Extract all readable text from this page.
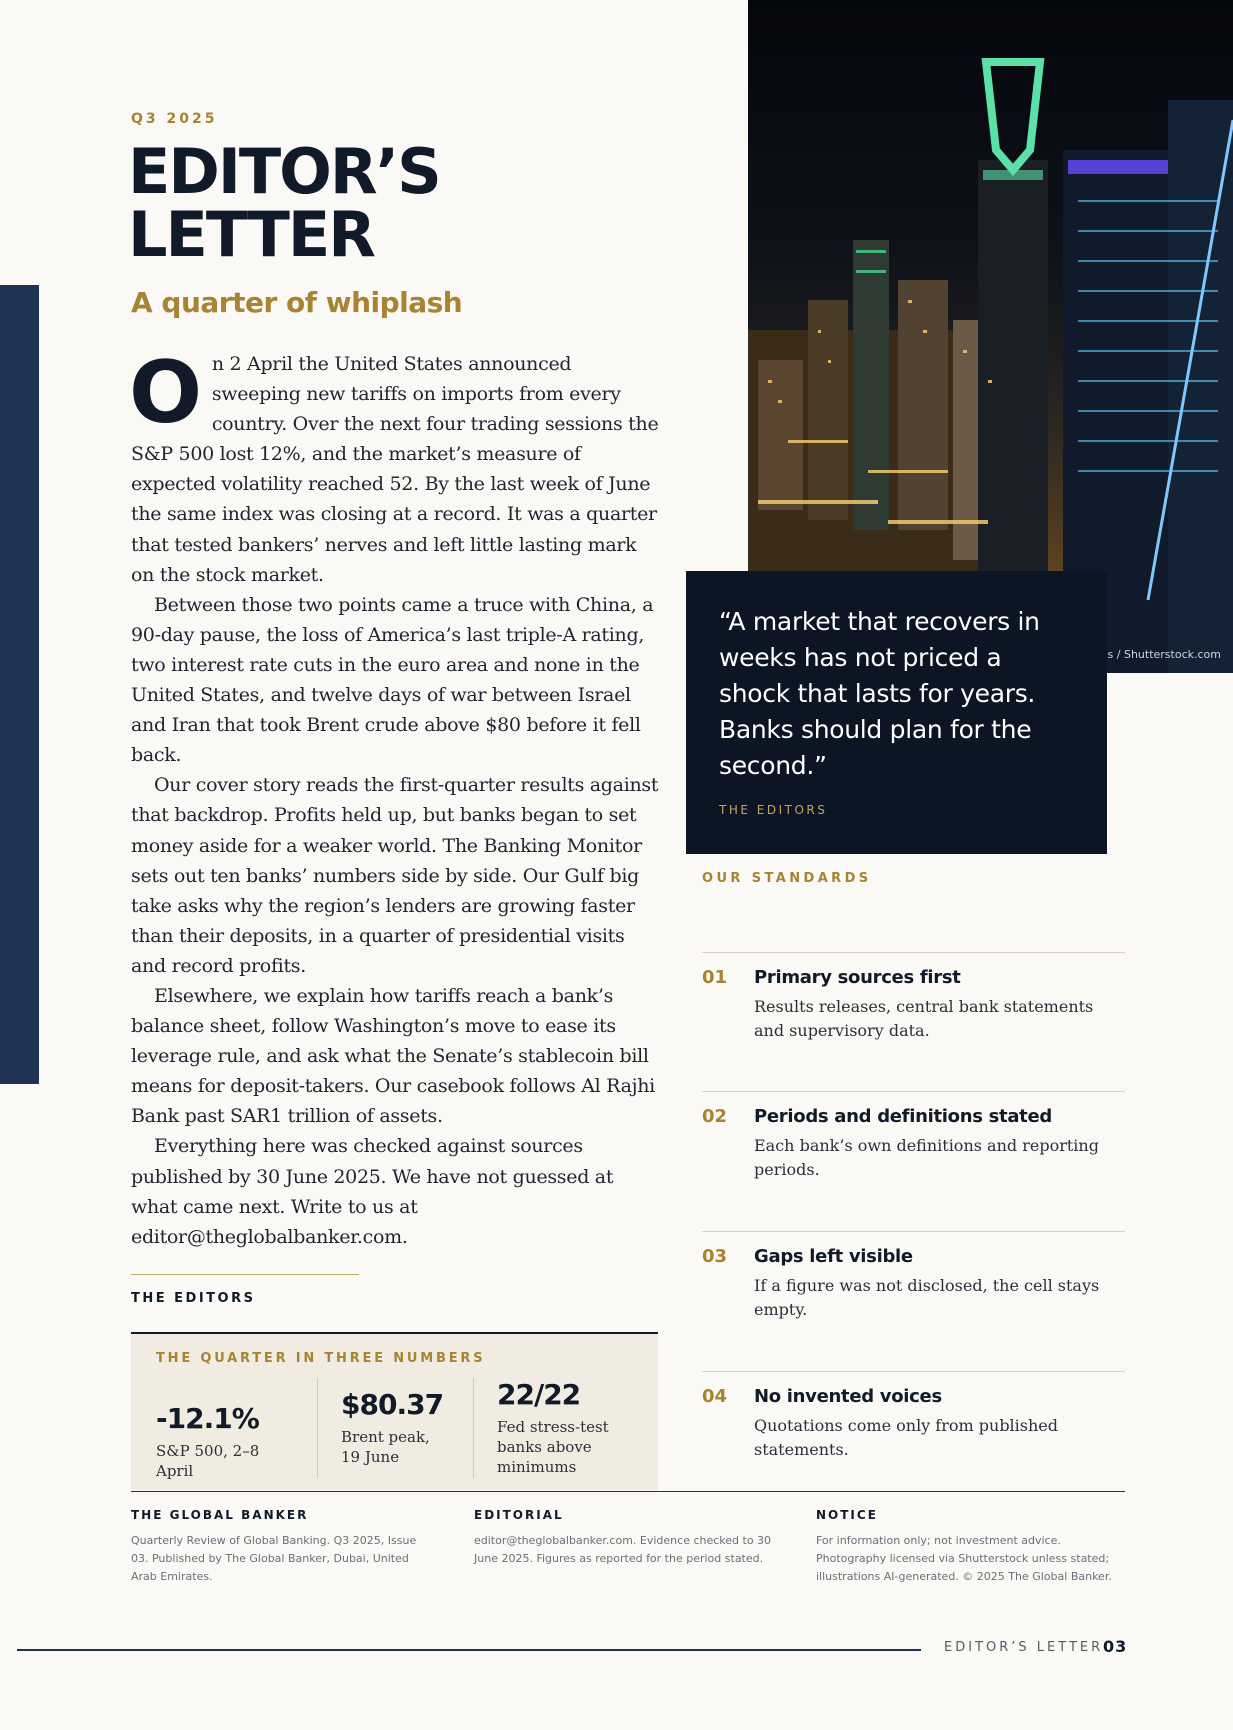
Q3 2025
EDITOR’S
LETTER
A quarter of whiplash

On 2 April the United States announced sweeping new tariffs on imports from every country. Over the next four trading sessions the S&P 500 lost 12%, and the market’s measure of expected volatility reached 52. By the last week of June the same index was closing at a record. It was a quarter that tested bankers’ nerves and left little lasting mark on the stock market.

Between those two points came a truce with China, a 90-day pause, the loss of America’s last triple-A rating, two interest rate cuts in the euro area and none in the United States, and twelve days of war between Israel and Iran that took Brent crude above $80 before it fell back.

Our cover story reads the first-quarter results against that backdrop. Profits held up, but banks began to set money aside for a weaker world. The Banking Monitor sets out ten banks’ numbers side by side. Our Gulf big take asks why the region’s lenders are growing faster than their deposits, in a quarter of presidential visits and record profits.

Elsewhere, we explain how tariffs reach a bank’s balance sheet, follow Washington’s move to ease its leverage rule, and ask what the Senate’s stablecoin bill means for deposit-takers. Our casebook follows Al Rajhi Bank past SAR1 trillion of assets.

Everything here was checked against sources published by 30 June 2025. We have not guessed at what came next. Write to us at editor@theglobalbanker.com.

THE EDITORS
THE QUARTER IN THREE NUMBERS
-12.1%
S&P 500, 2–8 April
$80.37
Brent peak, 19 June
22/22
Fed stress-test banks above minimums
s / Shutterstock.com
“A market that recovers in weeks has not priced a shock that lasts for years. Banks should plan for the second.”
THE EDITORS
OUR STANDARDS
01 Primary sources first
Results releases, central bank statements and supervisory data.
02 Periods and definitions stated
Each bank’s own definitions and reporting periods.
03 Gaps left visible
If a figure was not disclosed, the cell stays empty.
04 No invented voices
Quotations come only from published statements.
THE GLOBAL BANKER

Quarterly Review of Global Banking. Q3 2025, Issue 03. Published by The Global Banker, Dubai, United Arab Emirates.

EDITORIAL

editor@theglobalbanker.com. Evidence checked to 30 June 2025. Figures as reported for the period stated.

NOTICE

For information only; not investment advice. Photography licensed via Shutterstock unless stated; illustrations AI-generated. © 2025 The Global Banker.

EDITOR’S LETTER 03
